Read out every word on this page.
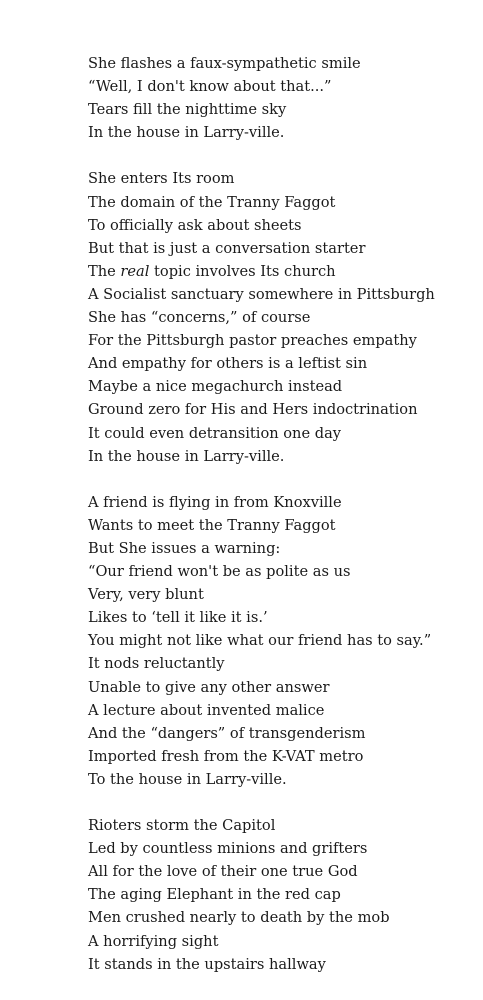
She flashes a faux-sympathetic smile
“Well, I don't know about that...”
Tears fill the nighttime sky
In the house in Larry-ville.
She enters Its room
The domain of the Tranny Faggot
To officially ask about sheets
But that is just a conversation starter
The real topic involves Its church
A Socialist sanctuary somewhere in Pittsburgh
She has “concerns,” of course
For the Pittsburgh pastor preaches empathy
And empathy for others is a leftist sin
Maybe a nice megachurch instead
Ground zero for His and Hers indoctrination
It could even detransition one day
In the house in Larry-ville.
A friend is flying in from Knoxville
Wants to meet the Tranny Faggot
But She issues a warning:
“Our friend won't be as polite as us
Very, very blunt
Likes to ‘tell it like it is.’
You might not like what our friend has to say.”
It nods reluctantly
Unable to give any other answer
A lecture about invented malice
And the “dangers” of transgenderism
Imported fresh from the K-VAT metro
To the house in Larry-ville.
Rioters storm the Capitol
Led by countless minions and grifters
All for the love of their one true God
The aging Elephant in the red cap
Men crushed nearly to death by the mob
A horrifying sight
It stands in the upstairs hallway
